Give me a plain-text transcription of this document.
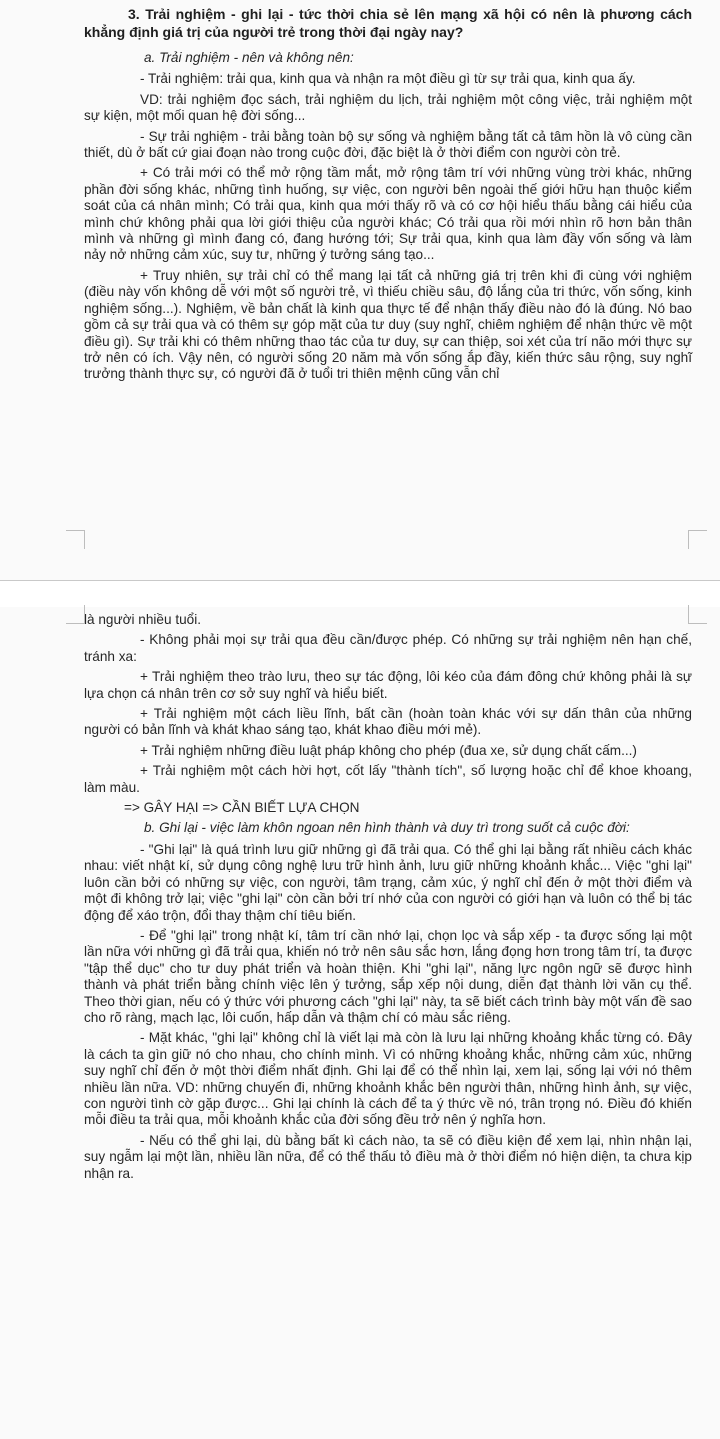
3. Trải nghiệm - ghi lại - tức thời chia sẻ lên mạng xã hội có nên là phương cách khẳng định giá trị của người trẻ trong thời đại ngày nay?

a. Trải nghiệm - nên và không nên:

- Trải nghiệm: trải qua, kinh qua và nhận ra một điều gì từ sự trải qua, kinh qua ấy.

VD: trải nghiệm đọc sách, trải nghiệm du lịch, trải nghiệm một công việc, trải nghiệm một sự kiện, một mối quan hệ đời sống...

- Sự trải nghiệm - trải bằng toàn bộ sự sống và nghiệm bằng tất cả tâm hồn là vô cùng cần thiết, dù ở bất cứ giai đoạn nào trong cuộc đời, đặc biệt là ở thời điểm con người còn trẻ.

+ Có trải mới có thể mở rộng tầm mắt, mở rộng tâm trí với những vùng trời khác, những phần đời sống khác, những tình huống, sự việc, con người bên ngoài thế giới hữu hạn thuộc kiểm soát của cá nhân mình; Có trải qua, kinh qua mới thấy rõ và có cơ hội hiểu thấu bằng cái hiểu của mình chứ không phải qua lời giới thiệu của người khác; Có trải qua rồi mới nhìn rõ hơn bản thân mình và những gì mình đang có, đang hướng tới; Sự trải qua, kinh qua làm đầy vốn sống và làm nảy nở những cảm xúc, suy tư, những ý tưởng sáng tạo...

+ Truy nhiên, sự trải chỉ có thể mang lại tất cả những giá trị trên khi đi cùng với nghiệm (điều này vốn không dễ với một số người trẻ, vì thiếu chiều sâu, độ lắng của tri thức, vốn sống, kinh nghiệm sống...). Nghiệm, về bản chất là kinh qua thực tế để nhận thấy điều nào đó là đúng. Nó bao gồm cả sự trải qua và có thêm sự góp mặt của tư duy (suy nghĩ, chiêm nghiệm để nhận thức về một điều gì). Sự trải khi có thêm những thao tác của tư duy, sự can thiệp, soi xét của trí não mới thực sự trở nên có ích. Vậy nên, có người sống 20 năm mà vốn sống ắp đầy, kiến thức sâu rộng, suy nghĩ trưởng thành thực sự, có người đã ở tuổi tri thiên mệnh cũng vẫn chỉ

là người nhiều tuổi.

- Không phải mọi sự trải qua đều cần/được phép. Có những sự trải nghiệm nên hạn chế, tránh xa:

+ Trải nghiệm theo trào lưu, theo sự tác động, lôi kéo của đám đông chứ không phải là sự lựa chọn cá nhân trên cơ sở suy nghĩ và hiểu biết.

+ Trải nghiệm một cách liều lĩnh, bất cần (hoàn toàn khác với sự dấn thân của những người có bản lĩnh và khát khao sáng tạo, khát khao điều mới mẻ).

+ Trải nghiệm những điều luật pháp không cho phép (đua xe, sử dụng chất cấm...)

+ Trải nghiệm một cách hời hợt, cốt lấy "thành tích", số lượng hoặc chỉ để khoe khoang, làm màu.

=> GÂY HẠI => CẦN BIẾT LỰA CHỌN

b. Ghi lại - việc làm khôn ngoan nên hình thành và duy trì trong suốt cả cuộc đời:

- "Ghi lại" là quá trình lưu giữ những gì đã trải qua. Có thể ghi lại bằng rất nhiều cách khác nhau: viết nhật kí, sử dụng công nghệ lưu trữ hình ảnh, lưu giữ những khoảnh khắc... Việc "ghi lại" luôn cần bởi có những sự việc, con người, tâm trạng, cảm xúc, ý nghĩ chỉ đến ở một thời điểm và một đi không trở lại; việc "ghi lại" còn cần bởi trí nhớ của con người có giới hạn và luôn có thể bị tác động để xáo trộn, đổi thay thậm chí tiêu biến.

- Để "ghi lại" trong nhật kí, tâm trí cần nhớ lại, chọn lọc và sắp xếp - ta được sống lại một lần nữa với những gì đã trải qua, khiến nó trở nên sâu sắc hơn, lắng đọng hơn trong tâm trí, ta được "tập thể dục" cho tư duy phát triển và hoàn thiện. Khi "ghi lại", năng lực ngôn ngữ sẽ được hình thành và phát triển bằng chính việc lên ý tưởng, sắp xếp nội dung, diễn đạt thành lời văn cụ thể. Theo thời gian, nếu có ý thức với phương cách "ghi lại" này, ta sẽ biết cách trình bày một vấn đề sao cho rõ ràng, mạch lạc, lôi cuốn, hấp dẫn và thậm chí có màu sắc riêng.

- Mặt khác, "ghi lại" không chỉ là viết lại mà còn là lưu lại những khoảng khắc từng có. Đây là cách ta gìn giữ nó cho nhau, cho chính mình. Vì có những khoảng khắc, những cảm xúc, những suy nghĩ chỉ đến ở một thời điểm nhất định. Ghi lại để có thể nhìn lại, xem lại, sống lại với nó thêm nhiều lần nữa. VD: những chuyến đi, những khoảnh khắc bên người thân, những hình ảnh, sự việc, con người tình cờ gặp được... Ghi lại chính là cách để ta ý thức về nó, trân trọng nó. Điều đó khiến mỗi điều ta trải qua, mỗi khoảnh khắc của đời sống đều trở nên ý nghĩa hơn.

- Nếu có thể ghi lại, dù bằng bất kì cách nào, ta sẽ có điều kiện để xem lại, nhìn nhận lại, suy ngẫm lại một lần, nhiều lần nữa, để có thể thấu tỏ điều mà ở thời điểm nó hiện diện, ta chưa kịp nhận ra.
